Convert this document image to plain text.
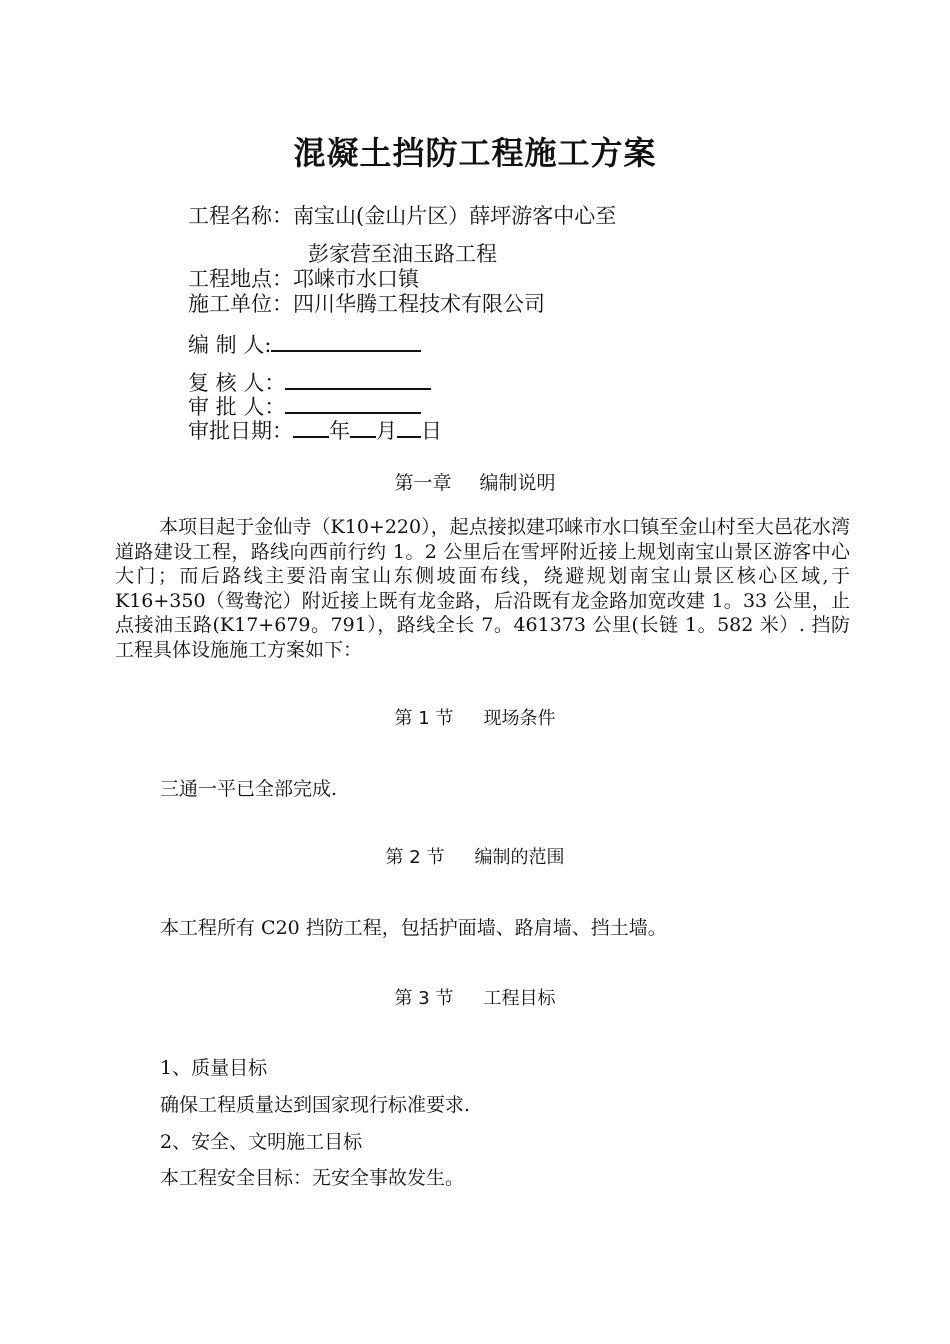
混凝土挡防工程施工方案
工程名称：南宝山(金山片区）薛坪游客中心至
彭家营至油玉路工程
工程地点：邛崃市水口镇
施工单位：四川华腾工程技术有限公司
编 制 人:
复 核 人：
审 批 人：
审批日期： 年 月 日
第一章 编制说明
本项目起于金仙寺（K10+220），起点接拟建邛崃市水口镇至金山村至大邑花水湾道路建设工程，路线向西前行约 1。2 公里后在雪坪附近接上规划南宝山景区游客中心大门；而后路线主要沿南宝山东侧坡面布线，绕避规划南宝山景区核心区域,于 K16+350（鸳鸯沱）附近接上既有龙金路，后沿既有龙金路加宽改建 1。33 公里，止点接油玉路(K17+679。791），路线全长 7。461373 公里(长链 1。582 米）. 挡防工程具体设施施工方案如下：
第 1 节 现场条件
三通一平已全部完成.
第 2 节 编制的范围
本工程所有 C20 挡防工程，包括护面墙、路肩墙、挡土墙。
第 3 节 工程目标
1、质量目标
确保工程质量达到国家现行标准要求.
2、安全、文明施工目标
本工程安全目标：无安全事故发生。
